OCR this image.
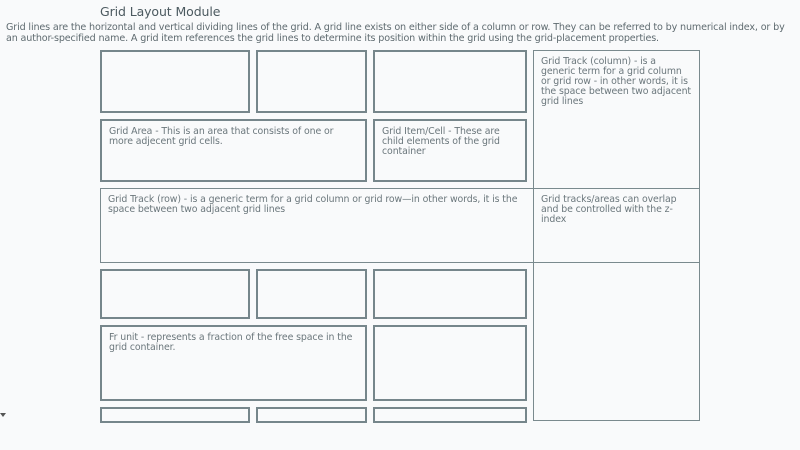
Grid Layout Module
Grid lines are the horizontal and vertical dividing lines of the grid. A grid line exists on either side of a column or row. They can be referred to by numerical index, or by an author-specified name. A grid item references the grid lines to determine its position within the grid using the grid-placement properties.
Grid Area - This is an area that consists of one or more adjecent grid cells.
Grid Item/Cell - These are child elements of the grid container
Grid Track (column) - is a generic term for a grid column or grid row - in other words, it is the space between two adjacent grid lines
Grid tracks/areas can overlap and be controlled with the z-index
Grid Track (row) - is a generic term for a grid column or grid row—in other words, it is the space between two adjacent grid lines
Fr unit - represents a fraction of the free space in the grid container.
